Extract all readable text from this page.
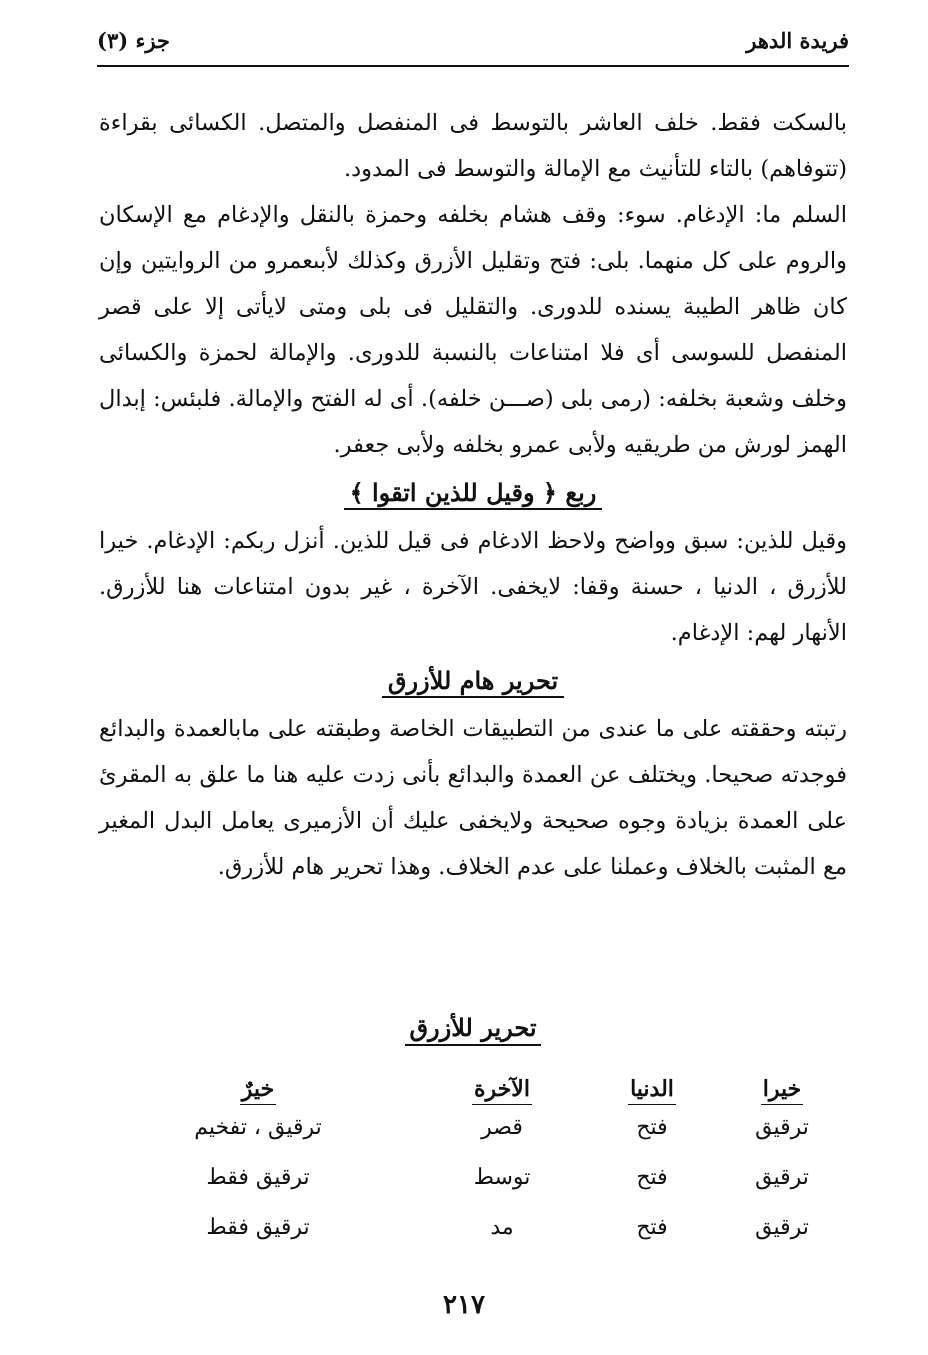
فريدة الدهر
جزء (٣)

بالسكت فقط. خلف العاشر بالتوسط فى المنفصل والمتصل. الكسائى بقراءة (تتوفاهم) بالتاء للتأنيث مع الإمالة والتوسط فى المدود.

السلم ما: الإدغام. سوء: وقف هشام بخلفه وحمزة بالنقل والإدغام مع الإسكان والروم على كل منهما. بلى: فتح وتقليل الأزرق وكذلك لأبىعمرو من الروايتين وإن كان ظاهر الطيبة يسنده للدورى. والتقليل فى بلى ومتى لايأتى إلا على قصر المنفصل للسوسى أى فلا امتناعات بالنسبة للدورى. والإمالة لحمزة والكسائى وخلف وشعبة بخلفه: (رمى بلى (صـــن خلفه). أى له الفتح والإمالة. فلبئس: إبدال الهمز لورش من طريقيه ولأبى عمرو بخلفه ولأبى جعفر.

ربع ﴿ وقيل للذين اتقوا ﴾

وقيل للذين: سبق وواضح ولاحظ الادغام فى قيل للذين. أنزل ربكم: الإدغام. خيرا للأزرق ، الدنيا ، حسنة وقفا: لايخفى. الآخرة ، غير بدون امتناعات هنا للأزرق. الأنهار لهم: الإدغام.

تحرير هام للأزرق

رتبته وحققته على ما عندى من التطبيقات الخاصة وطبقته على مابالعمدة والبدائع فوجدته صحيحا. ويختلف عن العمدة والبدائع بأنى زدت عليه هنا ما علق به المقرئ على العمدة بزيادة وجوه صحيحة ولايخفى عليك أن الأزميرى يعامل البدل المغير مع المثبت بالخلاف وعملنا على عدم الخلاف. وهذا تحرير هام للأزرق.

تحرير للأزرق
خيرا	الدنيا	الآخرة	خيرٌ
ترقيق	فتح	قصر	ترقيق ، تفخيم
ترقيق	فتح	توسط	ترقيق فقط
ترقيق	فتح	مد	ترقيق فقط
٢١٧
